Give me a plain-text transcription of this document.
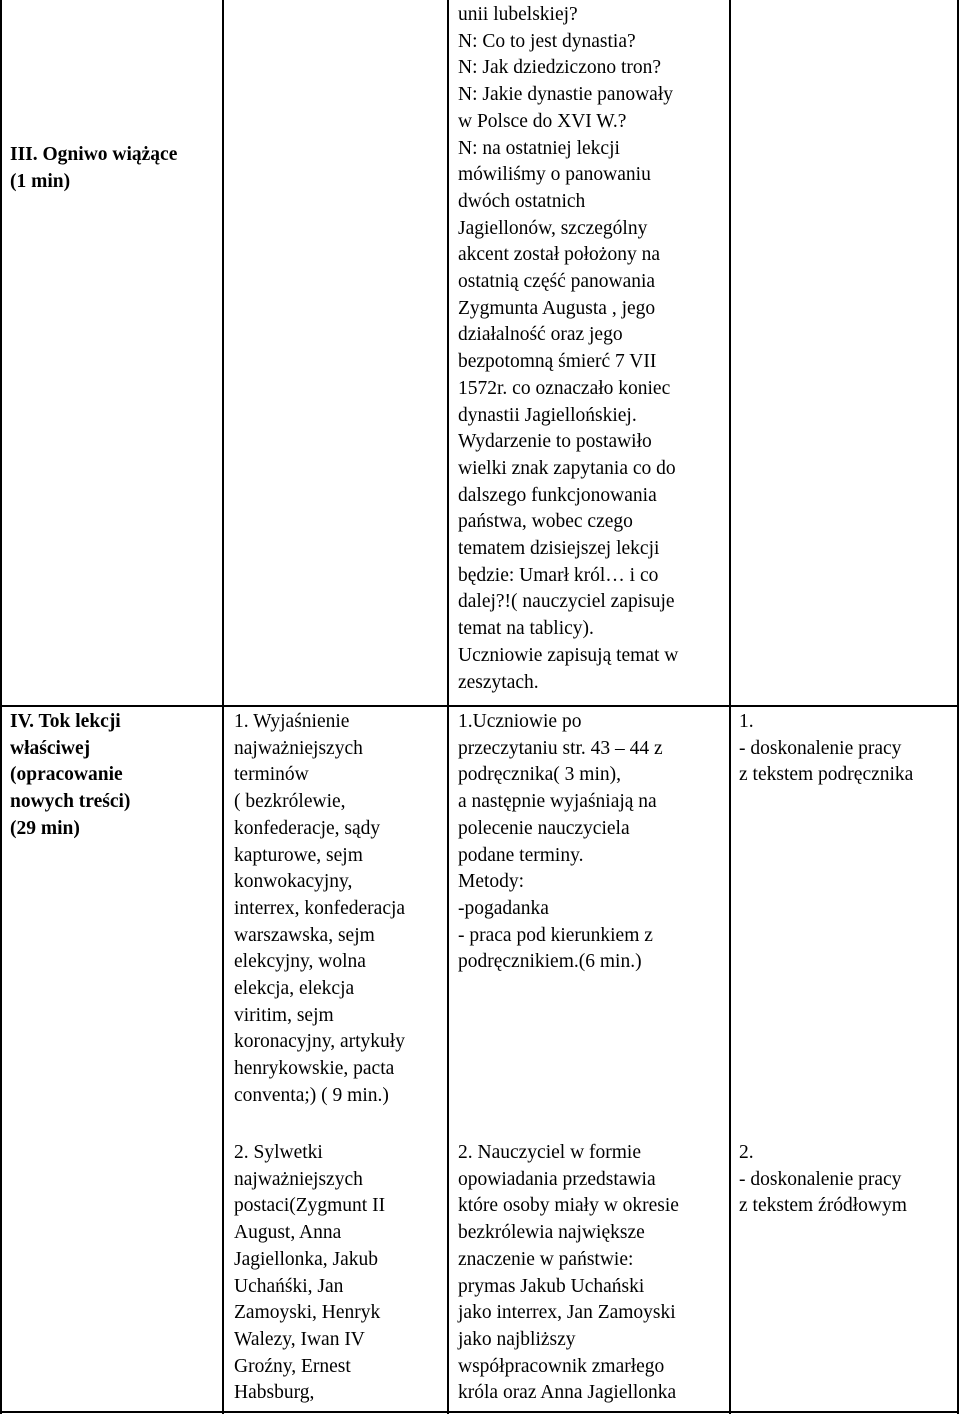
III. Ogniwo wiążące
(1 min)
unii lubelskiej?
N: Co to jest dynastia?
N: Jak dziedziczono tron?
N: Jakie dynastie panowały
w Polsce do XVI W.?
N: na ostatniej lekcji
mówiliśmy o panowaniu
dwóch ostatnich
Jagiellonów, szczególny
akcent został położony na
ostatnią część panowania
Zygmunta Augusta , jego
działalność oraz jego
bezpotomną śmierć 7 VII
1572r. co oznaczało koniec
dynastii Jagiellońskiej.
Wydarzenie to postawiło
wielki znak zapytania co do
dalszego funkcjonowania
państwa, wobec czego
tematem dzisiejszej lekcji
będzie: Umarł król… i co
dalej?!( nauczyciel zapisuje
temat na tablicy).
Uczniowie zapisują temat w
zeszytach.
IV. Tok lekcji
właściwej
(opracowanie
nowych treści)
(29 min)
1. Wyjaśnienie
najważniejszych
terminów
( bezkrólewie,
konfederacje, sądy
kapturowe, sejm
konwokacyjny,
interrex, konfederacja
warszawska, sejm
elekcyjny, wolna
elekcja, elekcja
viritim, sejm
koronacyjny, artykuły
henrykowskie, pacta
conventa;) ( 9 min.)
1.Uczniowie po
przeczytaniu str. 43 – 44 z
podręcznika( 3 min),
a następnie wyjaśniają na
polecenie nauczyciela
podane terminy.
Metody:
-pogadanka
- praca pod kierunkiem z
podręcznikiem.(6 min.)
1.
- doskonalenie pracy
z tekstem podręcznika
2. Sylwetki
najważniejszych
postaci(Zygmunt II
August, Anna
Jagiellonka, Jakub
Uchańśki, Jan
Zamoyski, Henryk
Walezy, Iwan IV
Groźny, Ernest
Habsburg,
2. Nauczyciel w formie
opowiadania przedstawia
które osoby miały w okresie
bezkrólewia największe
znaczenie w państwie:
prymas Jakub Uchański
jako interrex, Jan Zamoyski
jako najbliższy
współpracownik zmarłego
króla oraz Anna Jagiellonka
2.
- doskonalenie pracy
z tekstem źródłowym
